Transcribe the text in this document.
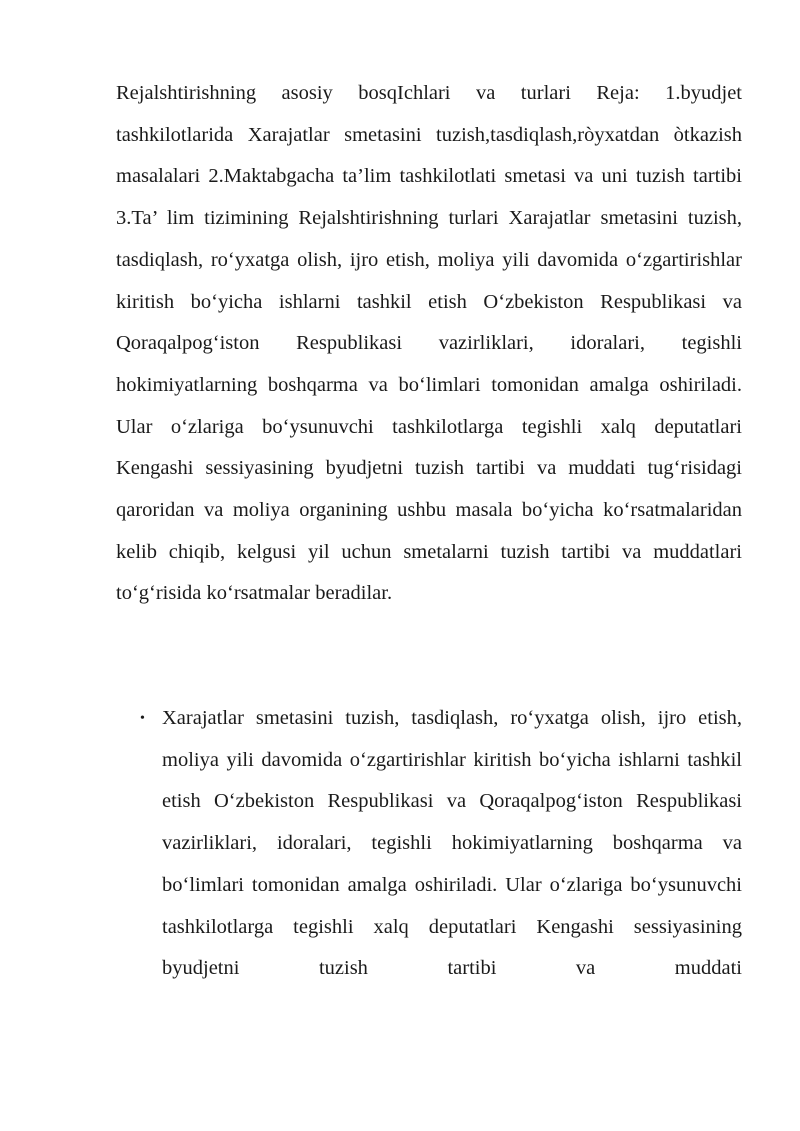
Rejalshtirishning asosiy bosqIchlari va turlari Reja: 1.byudjet tashkilotlarida Xarajatlar smetasini tuzish,tasdiqlash,ròyxatdan òtkazish masalalari 2.Maktabgacha ta’lim tashkilotlati smetasi va uni tuzish tartibi 3.Ta’ lim tizimining Rejalshtirishning turlari Xarajatlar smetasini tuzish, tasdiqlash, ro‘yxatga olish, ijro etish, moliya yili davomida o‘zgartirishlar kiritish bo‘yicha ishlarni tashkil etish O‘zbekiston Respublikasi va Qoraqalpog‘iston Respublikasi vazirliklari, idoralari, tegishli hokimiyatlarning boshqarma va bo‘limlari tomonidan amalga oshiriladi. Ular o‘zlariga bo‘ysunuvchi tashkilotlarga tegishli xalq deputatlari Kengashi sessiyasining byudjetni tuzish tartibi va muddati tug‘risidagi qaroridan va moliya organining ushbu masala bo‘yicha ko‘rsatmalaridan kelib chiqib, kelgusi yil uchun smetalarni tuzish tartibi va muddatlari to‘g‘risida ko‘rsatmalar beradilar.

• Xarajatlar smetasini tuzish, tasdiqlash, ro‘yxatga olish, ijro etish, moliya yili davomida o‘zgartirishlar kiritish bo‘yicha ishlarni tashkil etish O‘zbekiston Respublikasi va Qoraqalpog‘iston Respublikasi vazirliklari, idoralari, tegishli hokimiyatlarning boshqarma va bo‘limlari tomonidan amalga oshiriladi. Ular o‘zlariga bo‘ysunuvchi tashkilotlarga tegishli xalq deputatlari Kengashi sessiyasining byudjetni tuzish tartibi va muddati
